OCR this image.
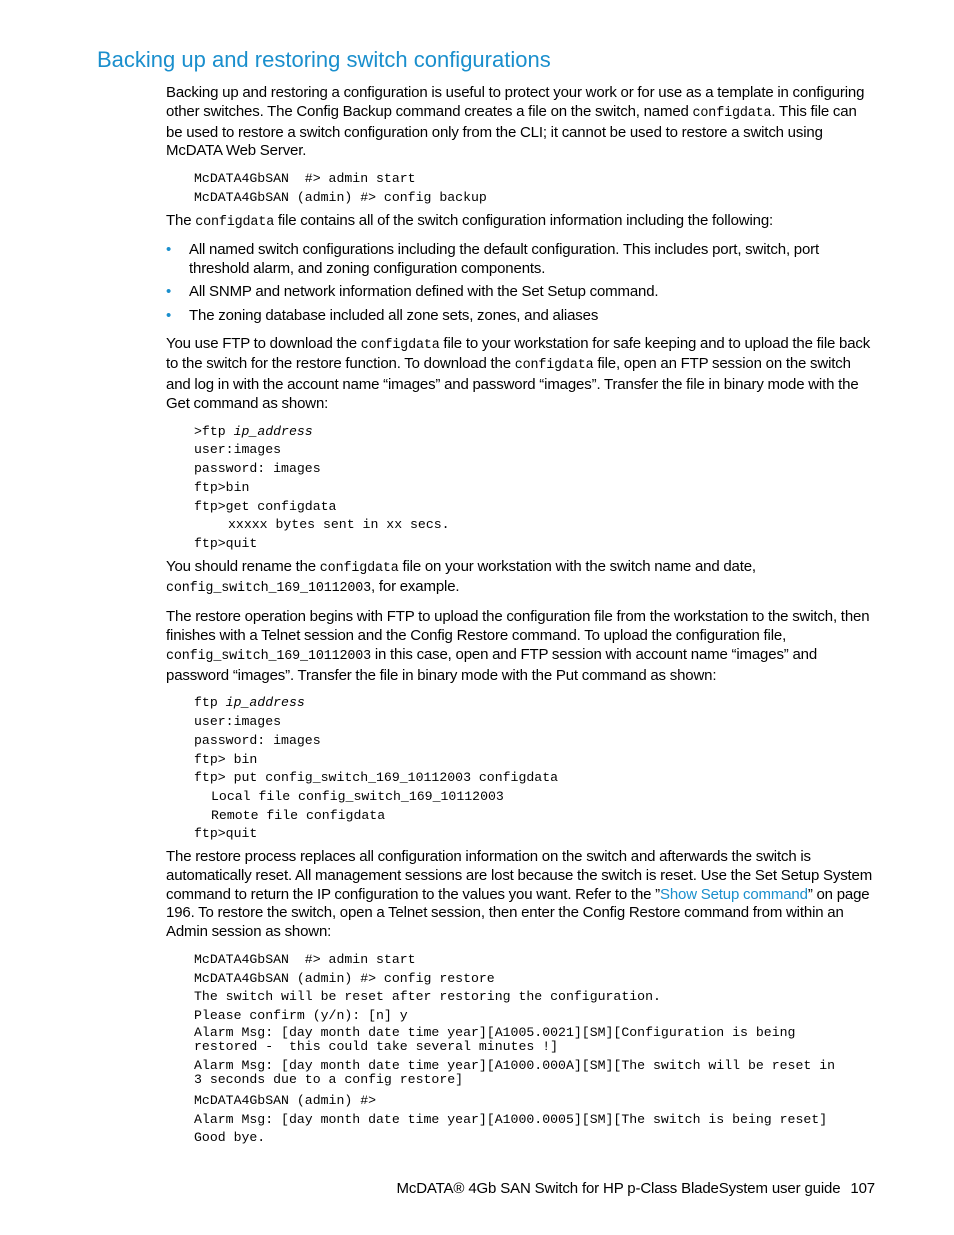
Backing up and restoring switch configurations

Backing up and restoring a configuration is useful to protect your work or for use as a template in configuring other switches. The Config Backup command creates a file on the switch, named configdata. This file can be used to restore a switch configuration only from the CLI; it cannot be used to restore a switch using McDATA Web Server.

McDATA4GbSAN  #> admin start
McDATA4GbSAN (admin) #> config backup

The configdata file contains all of the switch configuration information including the following:

• All named switch configurations including the default configuration. This includes port, switch, port threshold alarm, and zoning configuration components.
• All SNMP and network information defined with the Set Setup command.
• The zoning database included all zone sets, zones, and aliases

You use FTP to download the configdata file to your workstation for safe keeping and to upload the file back to the switch for the restore function. To download the configdata file, open an FTP session on the switch and log in with the account name “images” and password “images”. Transfer the file in binary mode with the Get command as shown:

>ftp ip_address
user:images
password: images
ftp>bin
ftp>get configdata
xxxxx bytes sent in xx secs.
ftp>quit

You should rename the configdata file on your workstation with the switch name and date, config_switch_169_10112003, for example.

The restore operation begins with FTP to upload the configuration file from the workstation to the switch, then finishes with a Telnet session and the Config Restore command. To upload the configuration file, config_switch_169_10112003 in this case, open and FTP session with account name “images” and password “images”. Transfer the file in binary mode with the Put command as shown:

ftp ip_address
user:images
password: images
ftp> bin
ftp> put config_switch_169_10112003 configdata
Local file config_switch_169_10112003
Remote file configdata
ftp>quit

The restore process replaces all configuration information on the switch and afterwards the switch is automatically reset. All management sessions are lost because the switch is reset. Use the Set Setup System command to return the IP configuration to the values you want. Refer to the ”Show Setup command” on page 196. To restore the switch, open a Telnet session, then enter the Config Restore command from within an Admin session as shown:

McDATA4GbSAN  #> admin start
McDATA4GbSAN (admin) #> config restore
The switch will be reset after restoring the configuration.
Please confirm (y/n): [n] y
Alarm Msg: [day month date time year][A1005.0021][SM][Configuration is being
restored -  this could take several minutes !]
Alarm Msg: [day month date time year][A1000.000A][SM][The switch will be reset in
3 seconds due to a config restore]
McDATA4GbSAN (admin) #>
Alarm Msg: [day month date time year][A1000.0005][SM][The switch is being reset]
Good bye.
McDATA® 4Gb SAN Switch for HP p-Class BladeSystem user guide 107
